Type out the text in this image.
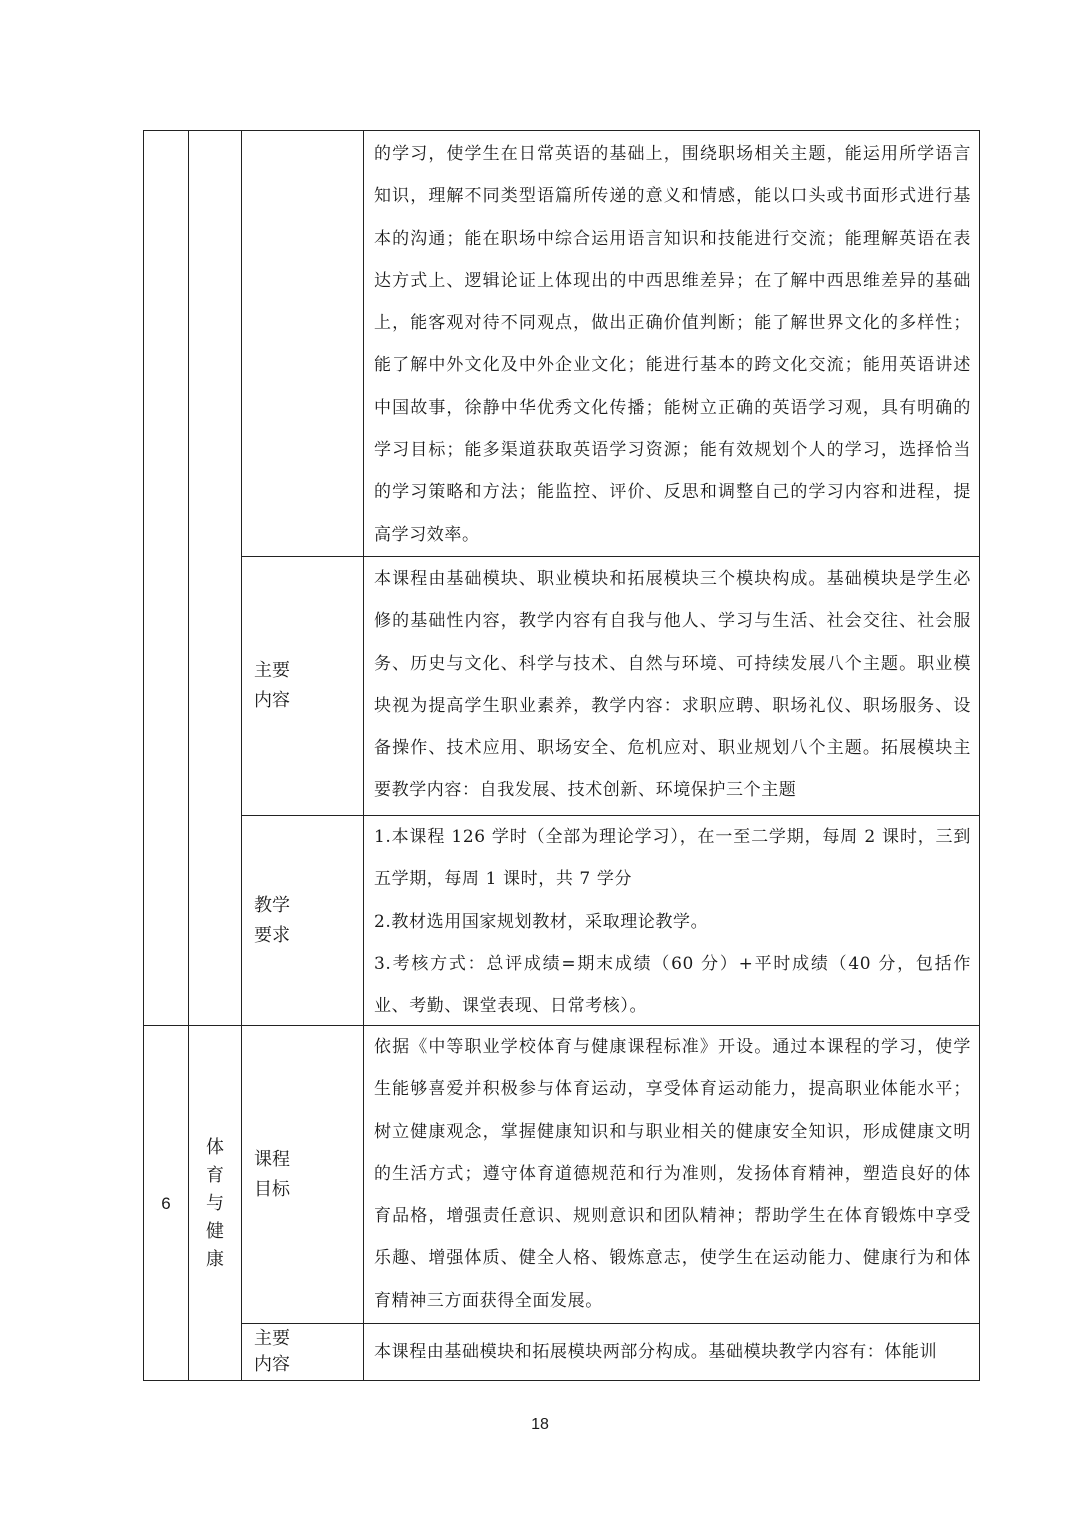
的学习，使学生在日常英语的基础上，围绕职场相关主题，能运用所学语言知识，理解不同类型语篇所传递的意义和情感，能以口头或书面形式进行基本的沟通；能在职场中综合运用语言知识和技能进行交流；能理解英语在表达方式上、逻辑论证上体现出的中西思维差异；在了解中西思维差异的基础上，能客观对待不同观点，做出正确价值判断；能了解世界文化的多样性；能了解中外文化及中外企业文化；能进行基本的跨文化交流；能用英语讲述中国故事，徐静中华优秀文化传播；能树立正确的英语学习观，具有明确的学习目标；能多渠道获取英语学习资源；能有效规划个人的学习，选择恰当的学习策略和方法；能监控、评价、反思和调整自己的学习内容和进程，提高学习效率。

主要
内容

本课程由基础模块、职业模块和拓展模块三个模块构成。基础模块是学生必修的基础性内容，教学内容有自我与他人、学习与生活、社会交往、社会服务、历史与文化、科学与技术、自然与环境、可持续发展八个主题。职业模块视为提高学生职业素养，教学内容：求职应聘、职场礼仪、职场服务、设备操作、技术应用、职场安全、危机应对、职业规划八个主题。拓展模块主要教学内容：自我发展、技术创新、环境保护三个主题

教学
要求

1.本课程 126 学时（全部为理论学习），在一至二学期，每周 2 课时，三到五学期，每周 1 课时，共 7 学分

2.教材选用国家规划教材，采取理论教学。

3.考核方式：总评成绩=期末成绩（60 分）+平时成绩（40 分，包括作业、考勤、课堂表现、日常考核）。

6
体
育
与
健
康
课程
目标

依据《中等职业学校体育与健康课程标准》开设。通过本课程的学习，使学生能够喜爱并积极参与体育运动，享受体育运动能力，提高职业体能水平；树立健康观念，掌握健康知识和与职业相关的健康安全知识，形成健康文明的生活方式；遵守体育道德规范和行为准则，发扬体育精神，塑造良好的体育品格，增强责任意识、规则意识和团队精神；帮助学生在体育锻炼中享受乐趣、增强体质、健全人格、锻炼意志，使学生在运动能力、健康行为和体育精神三方面获得全面发展。

主要
内容

本课程由基础模块和拓展模块两部分构成。基础模块教学内容有：体能训

18
